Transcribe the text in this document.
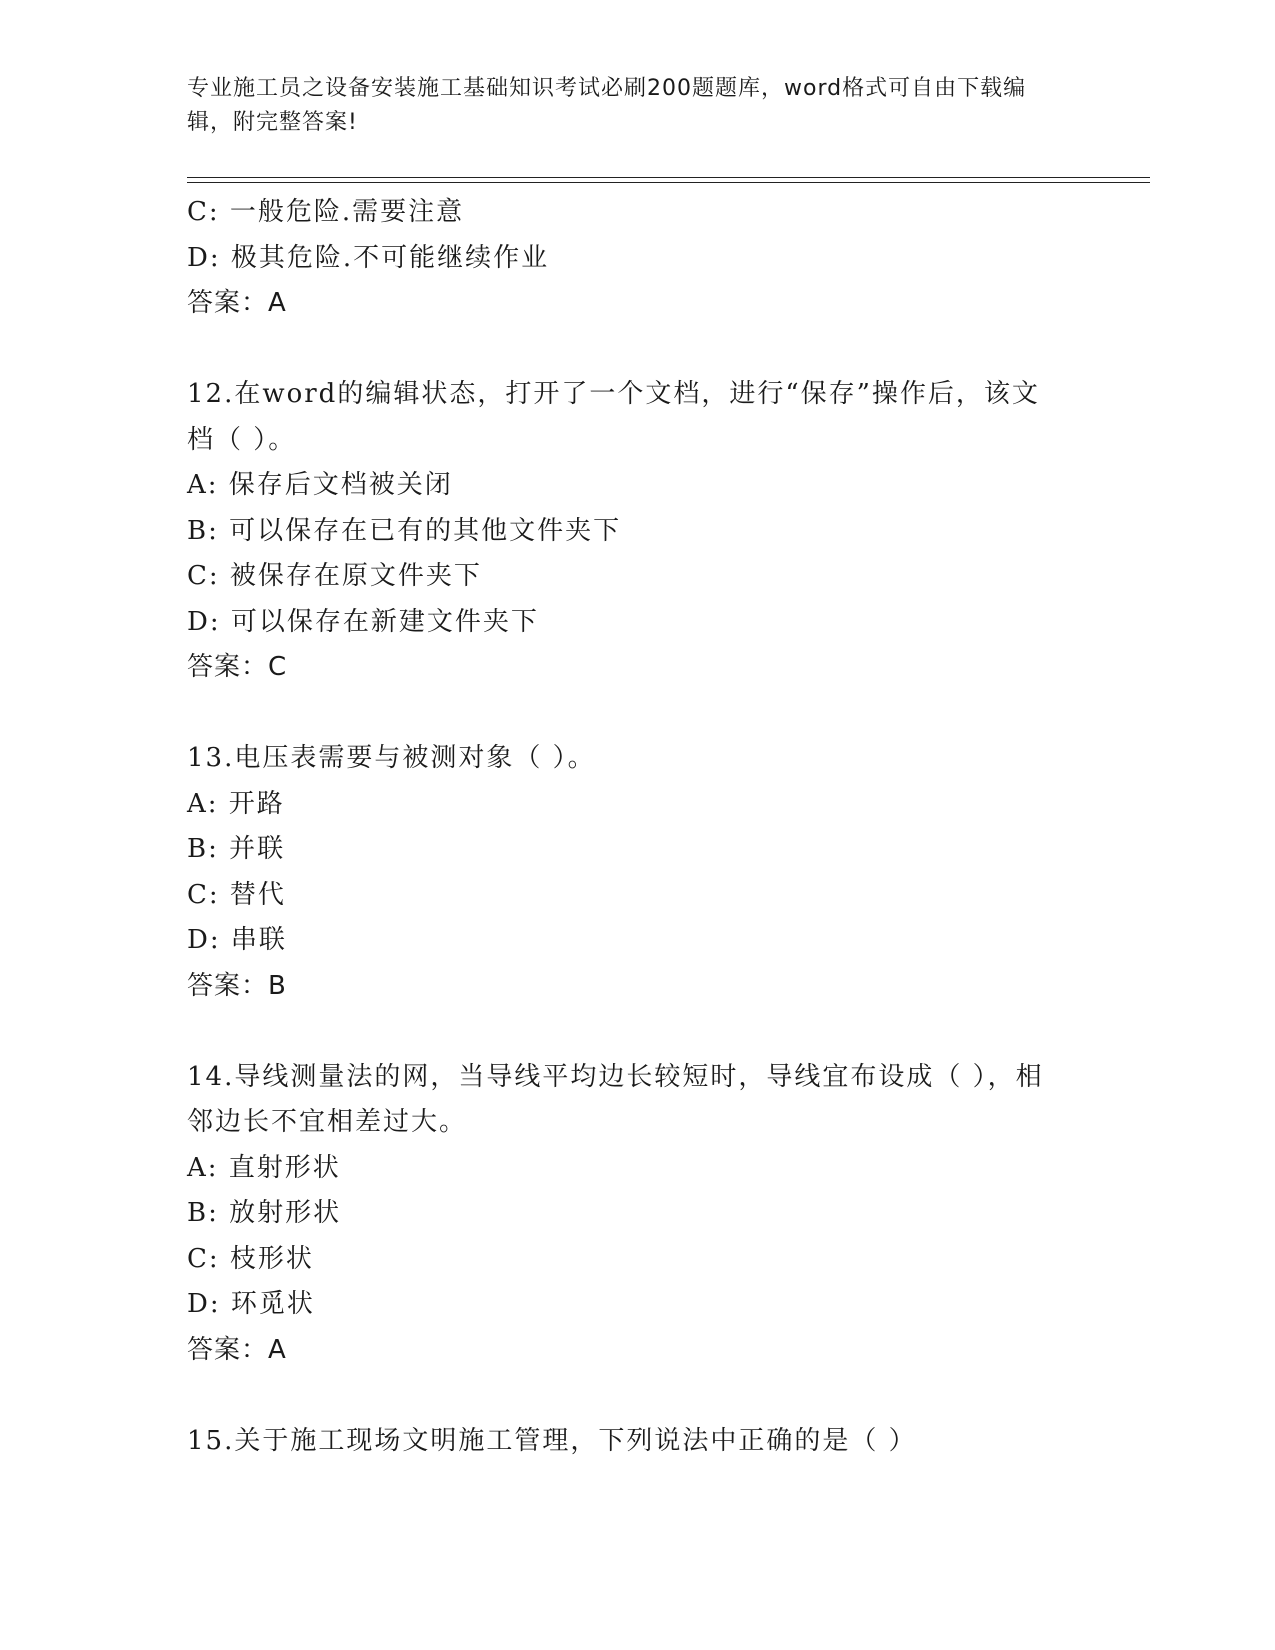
专业施工员之设备安装施工基础知识考试必刷200题题库，word格式可自由下载编辑，附完整答案!
C: 一般危险.需要注意
D: 极其危险.不可能继续作业
答案：A
12.在word的编辑状态，打开了一个文档，进行“保存”操作后，该文档（ ）。
A: 保存后文档被关闭
B: 可以保存在已有的其他文件夹下
C: 被保存在原文件夹下
D: 可以保存在新建文件夹下
答案：C
13.电压表需要与被测对象（ ）。
A: 开路
B: 并联
C: 替代
D: 串联
答案：B
14.导线测量法的网，当导线平均边长较短时，导线宜布设成（ ），相邻边长不宜相差过大。
A: 直射形状
B: 放射形状
C: 枝形状
D: 环觅状
答案：A
15.关于施工现场文明施工管理，下列说法中正确的是（ ）
